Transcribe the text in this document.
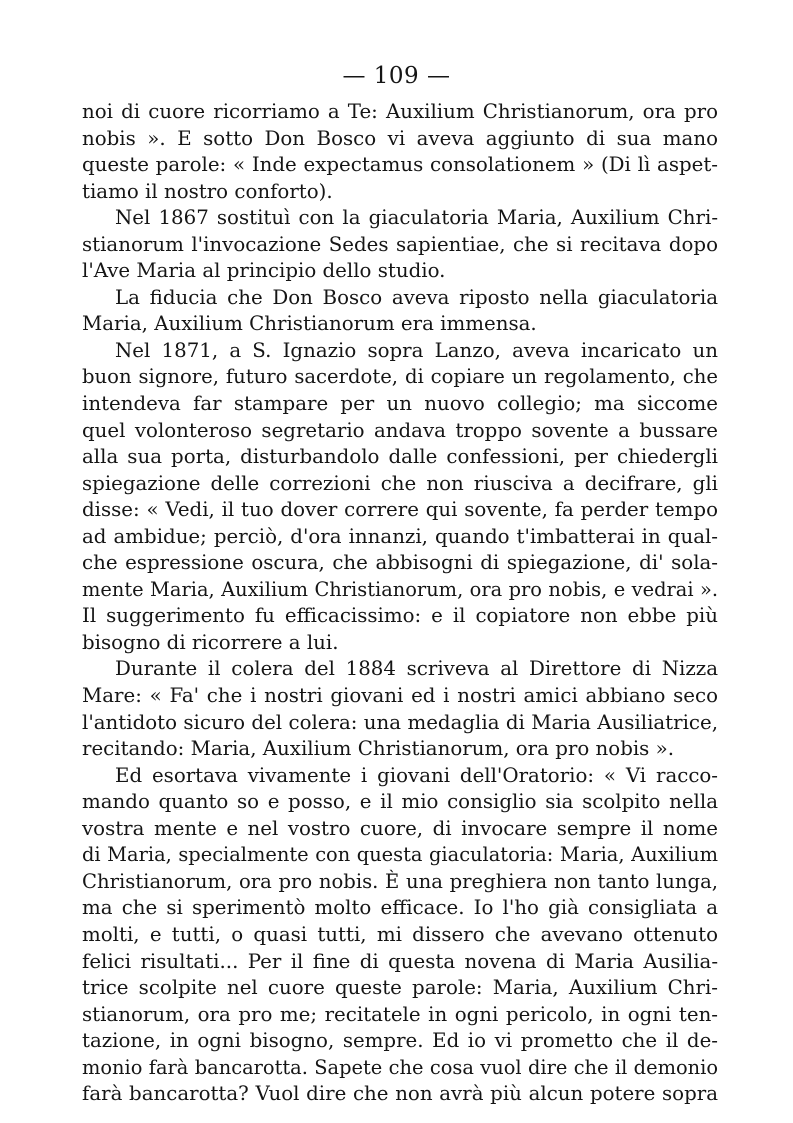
— 109 —
noi di cuore ricorriamo a Te: Auxilium Christianorum, ora pro
nobis ». E sotto Don Bosco vi aveva aggiunto di sua mano
queste parole: « Inde expectamus consolationem » (Di lì aspet-
tiamo il nostro conforto).
Nel 1867 sostituì con la giaculatoria Maria, Auxilium Chri-
stianorum l'invocazione Sedes sapientiae, che si recitava dopo
l'Ave Maria al principio dello studio.
La fiducia che Don Bosco aveva riposto nella giaculatoria
Maria, Auxilium Christianorum era immensa.
Nel 1871, a S. Ignazio sopra Lanzo, aveva incaricato un
buon signore, futuro sacerdote, di copiare un regolamento, che
intendeva far stampare per un nuovo collegio; ma siccome
quel volonteroso segretario andava troppo sovente a bussare
alla sua porta, disturbandolo dalle confessioni, per chiedergli
spiegazione delle correzioni che non riusciva a decifrare, gli
disse: « Vedi, il tuo dover correre qui sovente, fa perder tempo
ad ambidue; perciò, d'ora innanzi, quando t'imbatterai in qual-
che espressione oscura, che abbisogni di spiegazione, di' sola-
mente Maria, Auxilium Christianorum, ora pro nobis, e vedrai ».
Il suggerimento fu efficacissimo: e il copiatore non ebbe più
bisogno di ricorrere a lui.
Durante il colera del 1884 scriveva al Direttore di Nizza
Mare: « Fa' che i nostri giovani ed i nostri amici abbiano seco
l'antidoto sicuro del colera: una medaglia di Maria Ausiliatrice,
recitando: Maria, Auxilium Christianorum, ora pro nobis ».
Ed esortava vivamente i giovani dell'Oratorio: « Vi racco-
mando quanto so e posso, e il mio consiglio sia scolpito nella
vostra mente e nel vostro cuore, di invocare sempre il nome
di Maria, specialmente con questa giaculatoria: Maria, Auxilium
Christianorum, ora pro nobis. È una preghiera non tanto lunga,
ma che si sperimentò molto efficace. Io l'ho già consigliata a
molti, e tutti, o quasi tutti, mi dissero che avevano ottenuto
felici risultati... Per il fine di questa novena di Maria Ausilia-
trice scolpite nel cuore queste parole: Maria, Auxilium Chri-
stianorum, ora pro me; recitatele in ogni pericolo, in ogni ten-
tazione, in ogni bisogno, sempre. Ed io vi prometto che il de-
monio farà bancarotta. Sapete che cosa vuol dire che il demonio
farà bancarotta? Vuol dire che non avrà più alcun potere sopra
